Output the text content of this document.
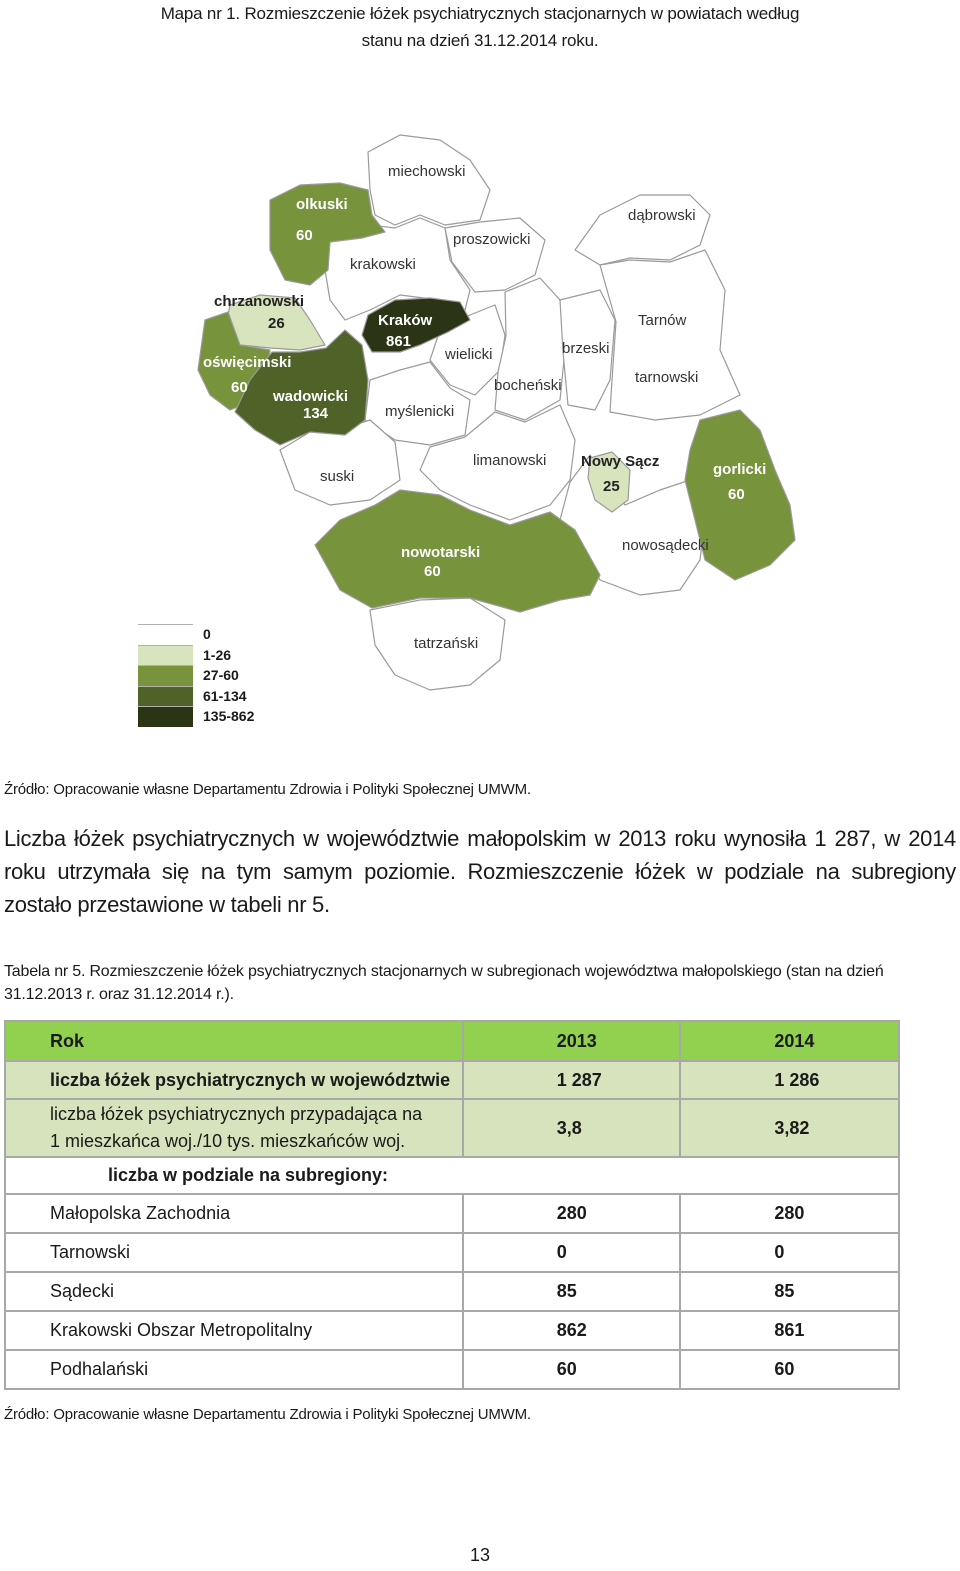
Mapa nr 1. Rozmieszczenie łóżek psychiatrycznych stacjonarnych w powiatach według
stanu na dzień 31.12.2014 roku.
miechowski
olkuski
60
krakowski
proszowicki
dąbrowski
chrzanowski
26	Kraków
861
oświęcimski
60
wielicki	brzeski
Tarnów
tarnowski
wadowicki
134
bocheński
myślenicki
suski
limanowski Nowy Sącz
25
gorlicki
60
nowotarski
60
nowosądecki
tatrzański
0
1-26
27-60
61-134
135-862
Źródło: Opracowanie własne Departamentu Zdrowia i Polityki Społecznej UMWM.
Liczba łóżek psychiatrycznych w województwie małopolskim w 2013 roku wynosiła 1 287, w 2014 roku utrzymała się na tym samym poziomie. Rozmieszczenie łóżek w podziale na subregiony zostało przestawione w tabeli nr 5.
Tabela nr 5. Rozmieszczenie łóżek psychiatrycznych stacjonarnych w subregionach województwa małopolskiego (stan na dzień 31.12.2013 r. oraz 31.12.2014 r.).
Rok	2013	2014
liczba łóżek psychiatrycznych w województwie	1 287	1 286

liczba łóżek psychiatrycznych przypadająca na
1 mieszkańca woj./10 tys. mieszkańców woj.	3,8	3,82
liczba w podziale na subregiony:		
Małopolska Zachodnia	280	280
Tarnowski	0	0
Sądecki	85	85
Krakowski Obszar Metropolitalny	862	861
Podhalański	60	60
Źródło: Opracowanie własne Departamentu Zdrowia i Polityki Społecznej UMWM.
13
